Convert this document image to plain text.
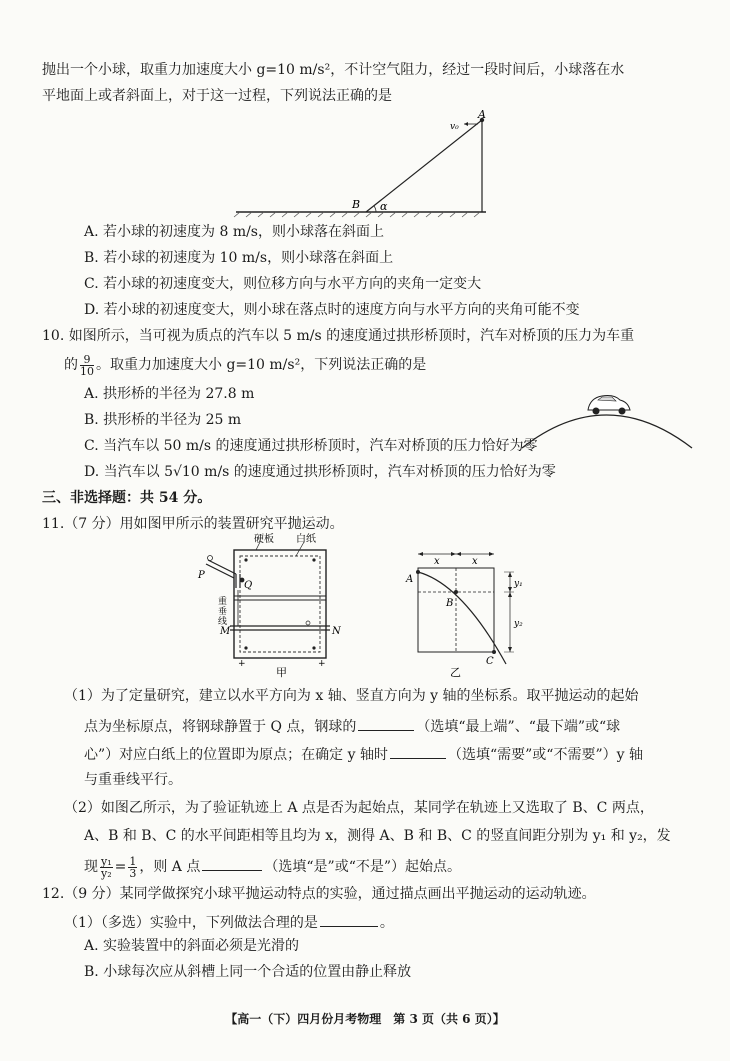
抛出一个小球，取重力加速度大小 g=10 m/s²，不计空气阻力，经过一段时间后，小球落在水
平地面上或者斜面上，对于这一过程，下列说法正确的是
A
v₀
B α
A. 若小球的初速度为 8 m/s，则小球落在斜面上
B. 若小球的初速度为 10 m/s，则小球落在斜面上
C. 若小球的初速度变大，则位移方向与水平方向的夹角一定变大
D. 若小球的初速度变大，则小球在落点时的速度方向与水平方向的夹角可能不变
10. 如图所示，当可视为质点的汽车以 5 m/s 的速度通过拱形桥顶时，汽车对桥顶的压力为车重
的 $\frac{9}{10}$ 。取重力加速度大小 g=10 m/s²，下列说法正确的是
A. 拱形桥的半径为 27.8 m
B. 拱形桥的半径为 25 m
C. 当汽车以 50 m/s 的速度通过拱形桥顶时，汽车对桥顶的压力恰好为零
D. 当汽车以 5√10 m/s 的速度通过拱形桥顶时，汽车对桥顶的压力恰好为零
三、非选择题：共 54 分。
11.（7 分）用如图甲所示的装置研究平抛运动。
+	+
硬板 白纸
P
Q
重
垂
线
M	N
甲
x	x
y₁
y₂
A
B
C
乙
（1）为了定量研究，建立以水平方向为 x 轴、竖直方向为 y 轴的坐标系。取平抛运动的起始
点为坐标原点，将钢球静置于 Q 点，钢球的	（选填“最上端”、“最下端”或“球
心”）对应白纸上的位置即为原点；在确定 y 轴时	（选填“需要”或“不需要”）y 轴
与重垂线平行。
（2）如图乙所示，为了验证轨迹上 A 点是否为起始点，某同学在轨迹上又选取了 B、C 两点，
A、B 和 B、C 的水平间距相等且均为 x，测得 A、B 和 B、C 的竖直间距分别为 y₁ 和 y₂，发
现 $\frac{\text{y₁}}{\text{y₂}} = \frac{1}{3}$ ，则 A 点	（选填“是”或“不是”）起始点。
12.（9 分）某同学做探究小球平抛运动特点的实验，通过描点画出平抛运动的运动轨迹。
（1）（多选）实验中，下列做法合理的是	。
A. 实验装置中的斜面必须是光滑的
B. 小球每次应从斜槽上同一个合适的位置由静止释放
【高一（下）四月份月考物理　第 3 页（共 6 页）】
